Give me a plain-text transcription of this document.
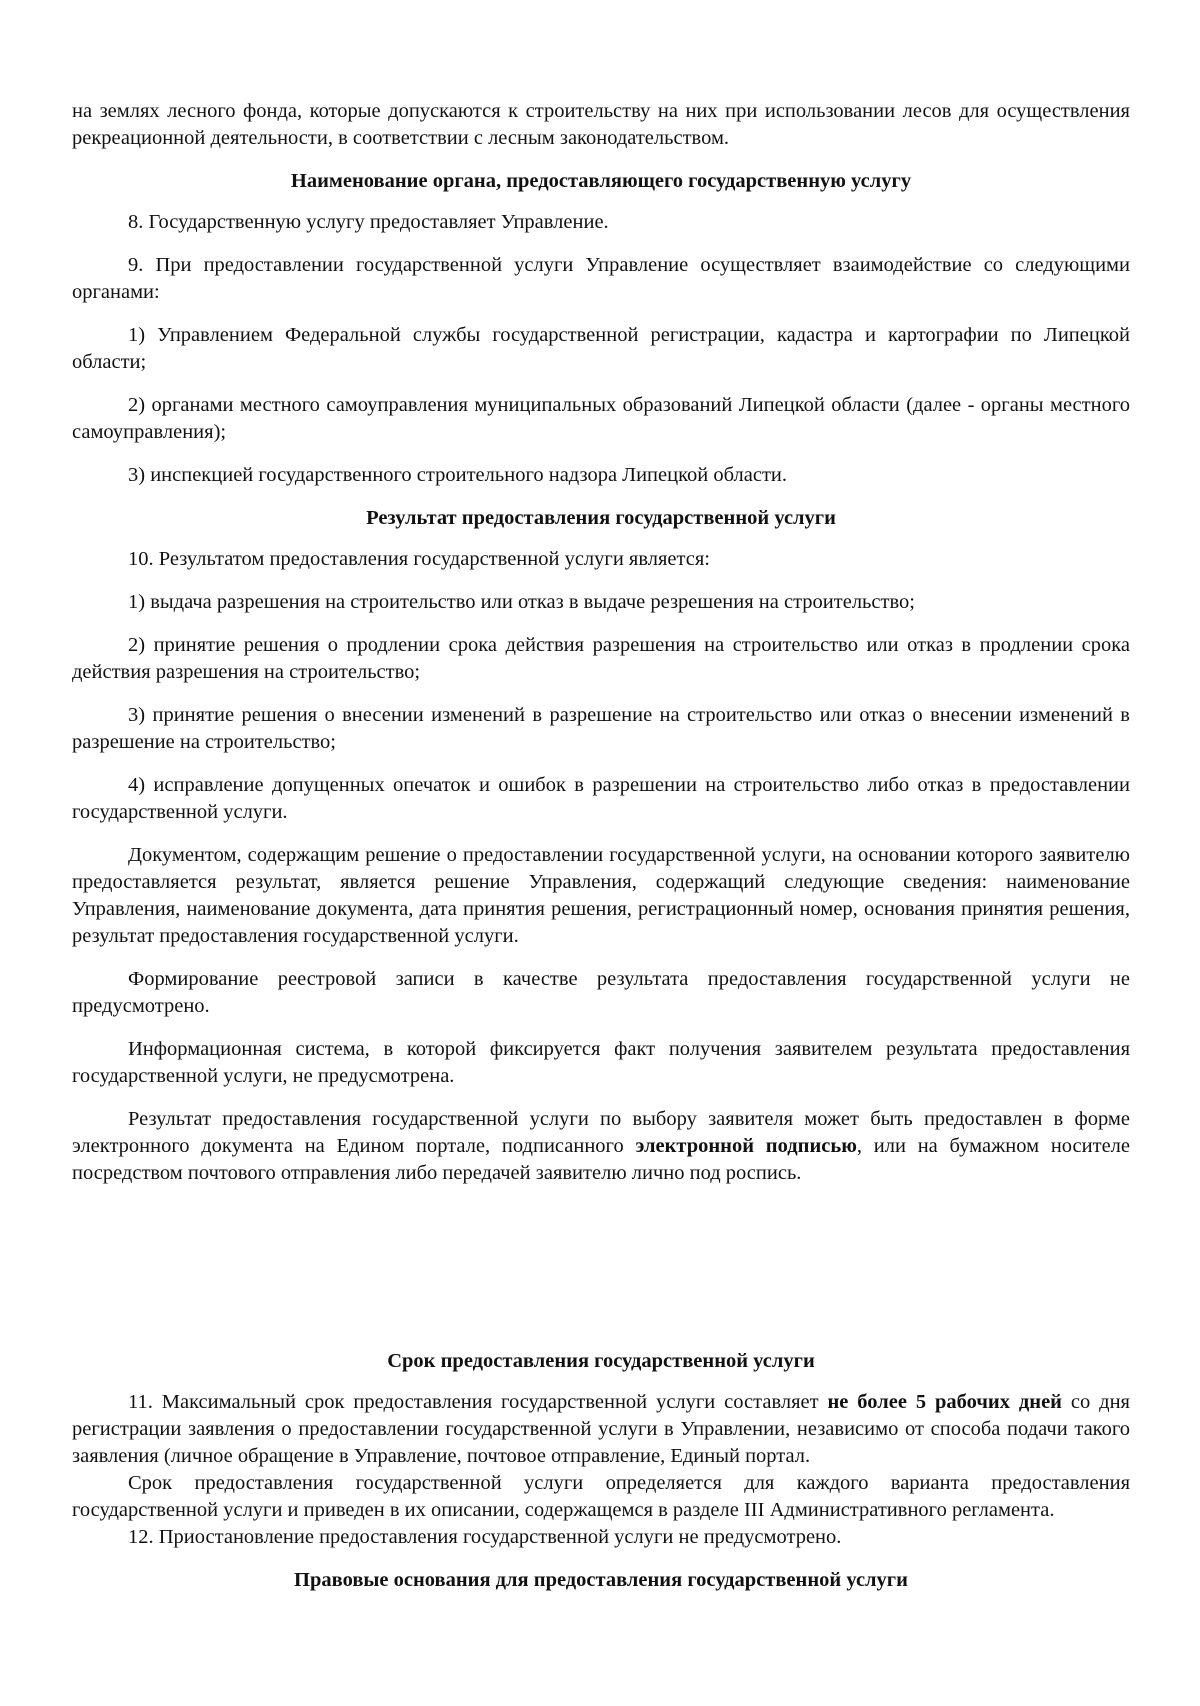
на землях лесного фонда, которые допускаются к строительству на них при использовании лесов для осуществления рекреационной деятельности, в соответствии с лесным законодательством.

Наименование органа, предоставляющего государственную услугу

8. Государственную услугу предоставляет Управление.

9. При предоставлении государственной услуги Управление осуществляет взаимодействие со следующими органами:

1) Управлением Федеральной службы государственной регистрации, кадастра и картографии по Липецкой области;

2) органами местного самоуправления муниципальных образований Липецкой области (далее - органы местного самоуправления);

3) инспекцией государственного строительного надзора Липецкой области.

Результат предоставления государственной услуги

10. Результатом предоставления государственной услуги является:

1) выдача разрешения на строительство или отказ в выдаче резрешения на строительство;

2) принятие решения о продлении срока действия разрешения на строительство или отказ в продлении срока действия разрешения на строительство;

3) принятие решения о внесении изменений в разрешение на строительство или отказ о внесении изменений в разрешение на строительство;

4) исправление допущенных опечаток и ошибок в разрешении на строительство либо отказ в предоставлении государственной услуги.

Документом, содержащим решение о предоставлении государственной услуги, на основании которого заявителю предоставляется результат, является решение Управления, содержащий следующие сведения: наименование Управления, наименование документа, дата принятия решения, регистрационный номер, основания принятия решения, результат предоставления государственной услуги.

Формирование реестровой записи в качестве результата предоставления государственной услуги не предусмотрено.

Информационная система, в которой фиксируется факт получения заявителем результата предоставления государственной услуги, не предусмотрена.

Результат предоставления государственной услуги по выбору заявителя может быть предоставлен в форме электронного документа на Едином портале, подписанного электронной подписью, или на бумажном носителе посредством почтового отправления либо передачей заявителю лично под роспись.

Срок предоставления государственной услуги

11. Максимальный срок предоставления государственной услуги составляет не более 5 рабочих дней со дня регистрации заявления о предоставлении государственной услуги в Управлении, независимо от способа подачи такого заявления (личное обращение в Управление, почтовое отправление, Единый портал.

Срок предоставления государственной услуги определяется для каждого варианта предоставления государственной услуги и приведен в их описании, содержащемся в разделе III Административного регламента.

12. Приостановление предоставления государственной услуги не предусмотрено.

Правовые основания для предоставления государственной услуги
